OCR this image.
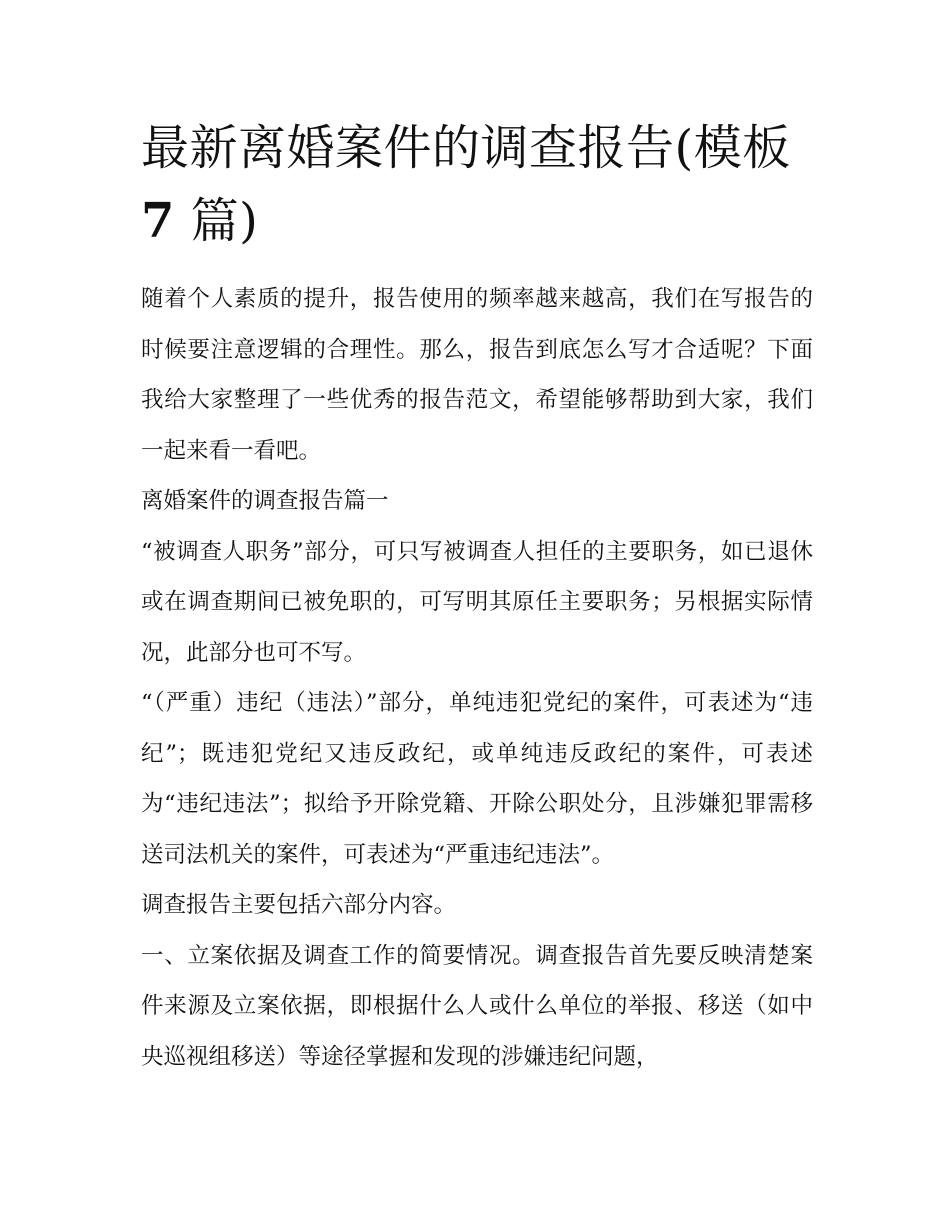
最新离婚案件的调查报告(模板
7 篇)

随着个人素质的提升，报告使用的频率越来越高，我们在写报告的时候要注意逻辑的合理性。那么，报告到底怎么写才合适呢？下面我给大家整理了一些优秀的报告范文，希望能够帮助到大家，我们一起来看一看吧。

离婚案件的调查报告篇一

“被调查人职务”部分，可只写被调查人担任的主要职务，如已退休或在调查期间已被免职的，可写明其原任主要职务；另根据实际情况，此部分也可不写。

“（严重）违纪（违法）”部分，单纯违犯党纪的案件，可表述为“违纪”；既违犯党纪又违反政纪，或单纯违反政纪的案件，可表述为“违纪违法”；拟给予开除党籍、开除公职处分，且涉嫌犯罪需移送司法机关的案件，可表述为“严重违纪违法”。

调查报告主要包括六部分内容。

一、立案依据及调查工作的简要情况。调查报告首先要反映清楚案件来源及立案依据，即根据什么人或什么单位的举报、移送（如中央巡视组移送）等途径掌握和发现的涉嫌违纪问题，
